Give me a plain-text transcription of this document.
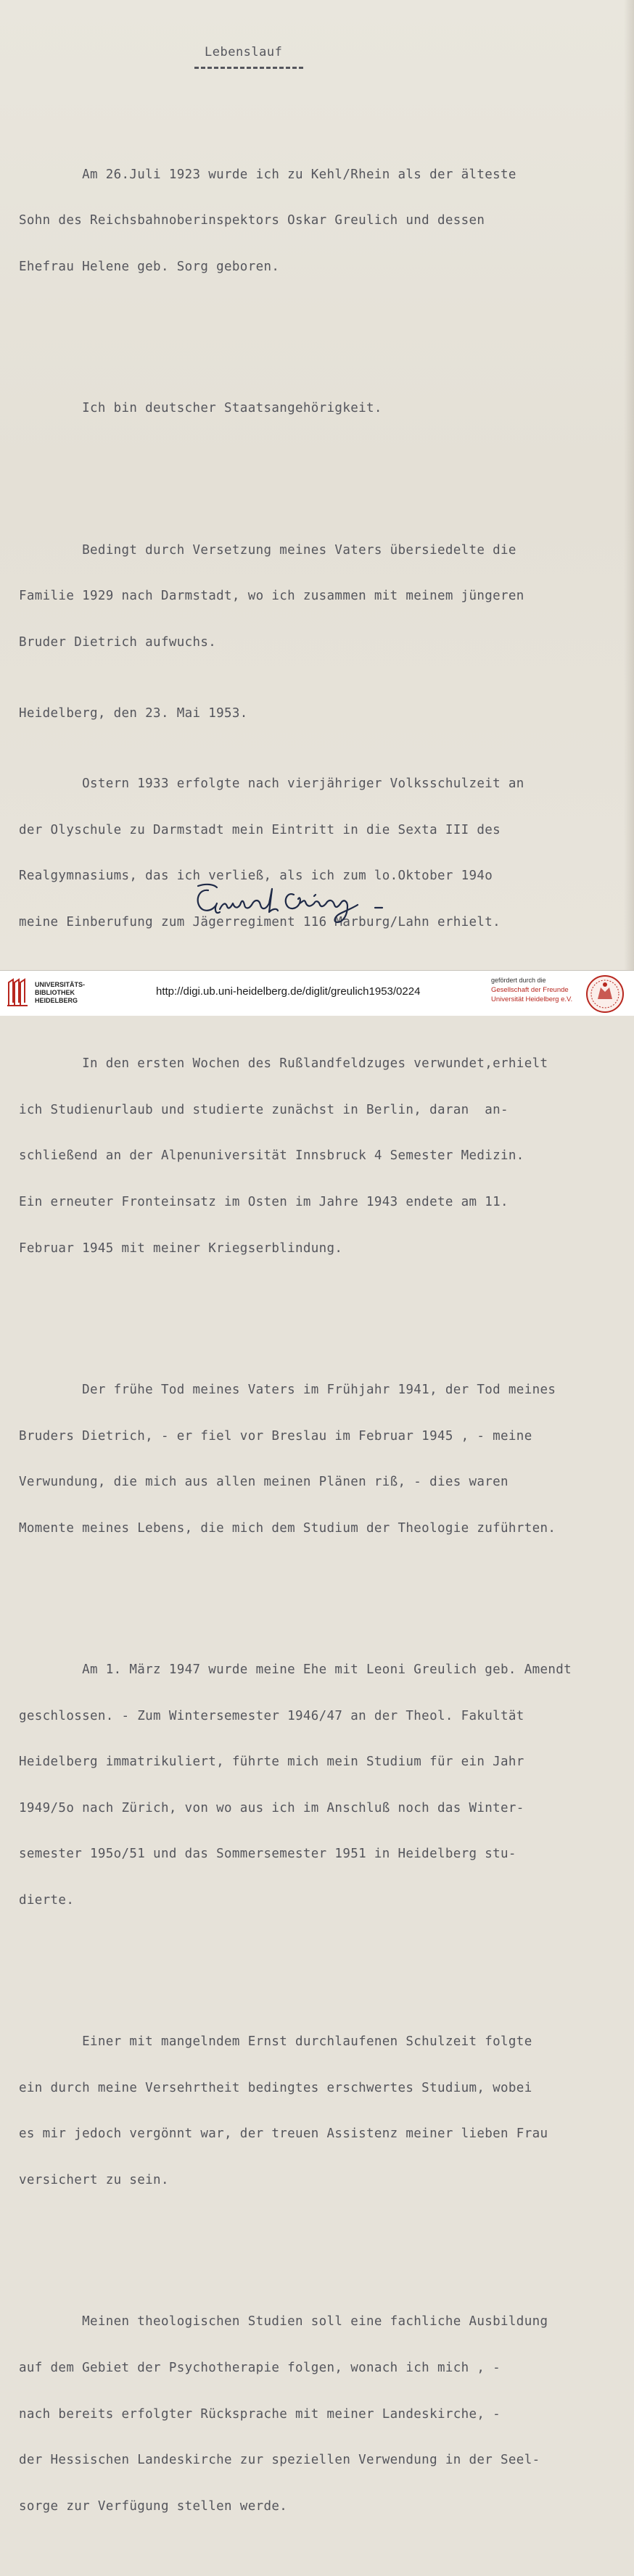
Lebenslauf

Am 26.Juli 1923 wurde ich zu Kehl/Rhein als der älteste

Sohn des Reichsbahnoberinspektors Oskar Greulich und dessen

Ehefrau Helene geb. Sorg geboren.

Ich bin deutscher Staatsangehörigkeit.

Bedingt durch Versetzung meines Vaters übersiedelte die

Familie 1929 nach Darmstadt, wo ich zusammen mit meinem jüngeren

Bruder Dietrich aufwuchs.

Ostern 1933 erfolgte nach vierjähriger Volksschulzeit an

der Olyschule zu Darmstadt mein Eintritt in die Sexta III des

Realgymnasiums, das ich verließ, als ich zum lo.Oktober 194o

meine Einberufung zum Jägerregiment 116 Marburg/Lahn erhielt.

In den ersten Wochen des Rußlandfeldzuges verwundet,erhielt

ich Studienurlaub und studierte zunächst in Berlin, daran  an-

schließend an der Alpenuniversität Innsbruck 4 Semester Medizin.

Ein erneuter Fronteinsatz im Osten im Jahre 1943 endete am 11.

Februar 1945 mit meiner Kriegserblindung.

Der frühe Tod meines Vaters im Frühjahr 1941, der Tod meines

Bruders Dietrich, - er fiel vor Breslau im Februar 1945 , - meine

Verwundung, die mich aus allen meinen Plänen riß, - dies waren

Momente meines Lebens, die mich dem Studium der Theologie zuführten.

Am 1. März 1947 wurde meine Ehe mit Leoni Greulich geb. Amendt

geschlossen. - Zum Wintersemester 1946/47 an der Theol. Fakultät

Heidelberg immatrikuliert, führte mich mein Studium für ein Jahr

1949/5o nach Zürich, von wo aus ich im Anschluß noch das Winter-

semester 195o/51 und das Sommersemester 1951 in Heidelberg stu-

dierte.

Einer mit mangelndem Ernst durchlaufenen Schulzeit folgte

ein durch meine Versehrtheit bedingtes erschwertes Studium, wobei

es mir jedoch vergönnt war, der treuen Assistenz meiner lieben Frau

versichert zu sein.

Meinen theologischen Studien soll eine fachliche Ausbildung

auf dem Gebiet der Psychotherapie folgen, wonach ich mich , -

nach bereits erfolgter Rücksprache mit meiner Landeskirche, -

der Hessischen Landeskirche zur speziellen Verwendung in der Seel-

sorge zur Verfügung stellen werde.

Heidelberg, den 23. Mai 1953.
UNIVERSITÄTS-
BIBLIOTHEK
HEIDELBERG
http://digi.ub.uni-heidelberg.de/diglit/greulich1953/0224
gefördert durch die
Gesellschaft der Freunde
Universität Heidelberg e.V.
